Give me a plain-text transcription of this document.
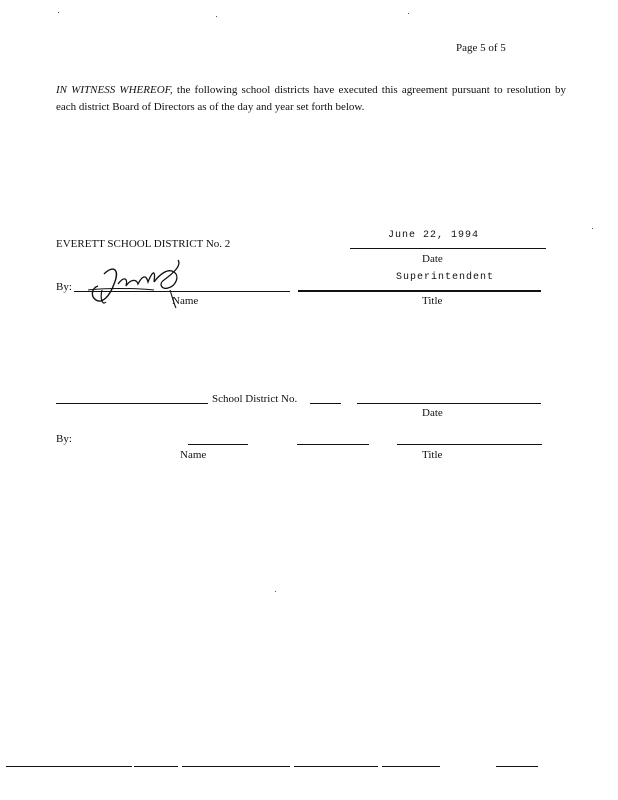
Page 5 of 5
IN WITNESS WHEREOF, the following school districts have executed this agreement pursuant to resolution by each district Board of Directors as of the day and year set forth below.
June 22, 1994
EVERETT SCHOOL DISTRICT No. 2
Date
Superintendent
By:
Name	Title
School District No.
Date
By:
Name	Title
